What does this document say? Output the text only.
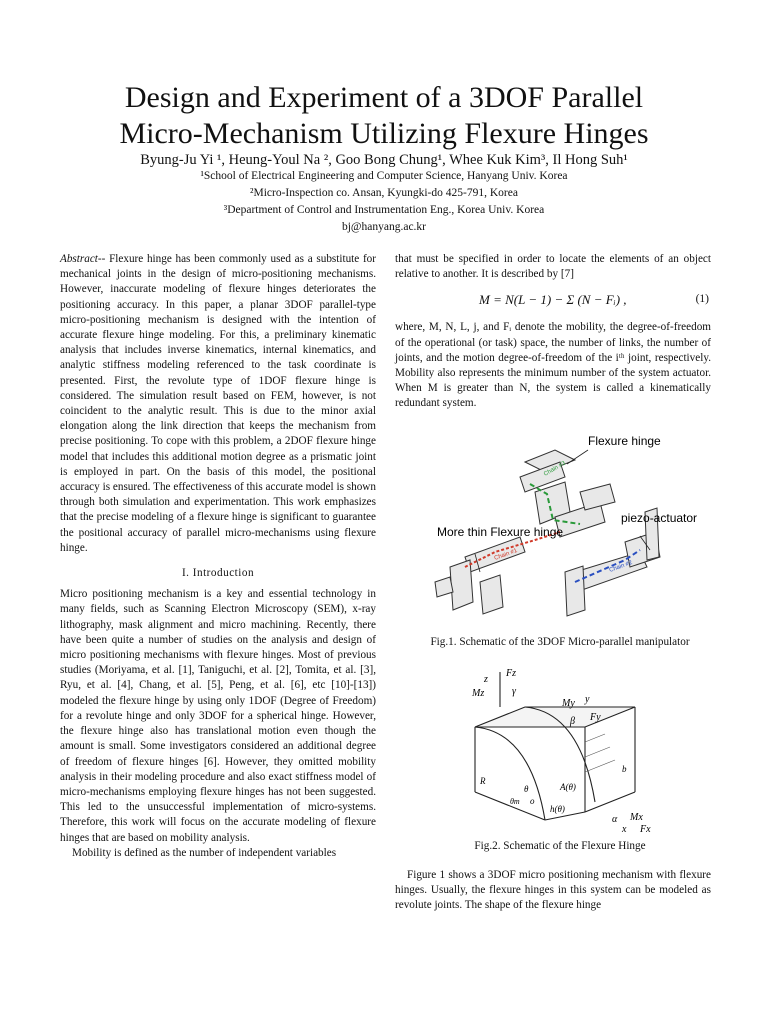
Design and Experiment of a 3DOF Parallel
Micro-Mechanism Utilizing Flexure Hinges
Byung-Ju Yi ¹, Heung-Youl Na ², Goo Bong Chung¹, Whee Kuk Kim³, Il Hong Suh¹
¹School of Electrical Engineering and Computer Science, Hanyang Univ. Korea
²Micro-Inspection co. Ansan, Kyungki-do 425-791, Korea
³Department of Control and Instrumentation Eng., Korea Univ. Korea
bj@hanyang.ac.kr

Abstract-- Flexure hinge has been commonly used as a substitute for mechanical joints in the design of micro-positioning mechanisms. However, inaccurate modeling of flexure hinges deteriorates the positioning accuracy. In this paper, a planar 3DOF parallel-type micro-positioning mechanism is designed with the intention of accurate flexure hinge modeling. For this, a preliminary kinematic analysis that includes inverse kinematics, internal kinematics, and analytic stiffness modeling referenced to the task coordinate is presented. First, the revolute type of 1DOF flexure hinge is considered. The simulation result based on FEM, however, is not coincident to the analytic result. This is due to the minor axial elongation along the link direction that keeps the mechanism from precise positioning. To cope with this problem, a 2DOF flexure hinge model that includes this additional motion degree as a prismatic joint is employed in part. On the basis of this model, the positional accuracy is ensured. The effectiveness of this accurate model is shown through both simulation and experimentation. This work emphasizes that the precise modeling of a flexure hinge is significant to guarantee the positional accuracy of parallel micro-mechanisms using flexure hinge.

I. Introduction

Micro positioning mechanism is a key and essential technology in many fields, such as Scanning Electron Microscopy (SEM), x-ray lithography, mask alignment and micro machining. Recently, there have been quite a number of studies on the analysis and design of micro positioning mechanisms with flexure hinges. Most of previous studies (Moriyama, et al. [1], Taniguchi, et al. [2], Tomita, et al. [3], Ryu, et al. [4], Chang, et al. [5], Peng, et al. [6], etc [10]-[13]) modeled the flexure hinge by using only 1DOF (Degree of Freedom) for a revolute hinge and only 3DOF for a spherical hinge. However, the flexure hinge also has translational motion even though the amount is small. Some investigators considered an additional degree of freedom of flexure hinges [6]. However, they omitted mobility analysis in their modeling procedure and also exact stiffness model of micro-mechanisms employing flexure hinges has not been suggested. This led to the unsuccessful implementation of micro-systems. Therefore, this work will focus on the accurate modeling of flexure hinges that are based on mobility analysis.

Mobility is defined as the number of independent variables

that must be specified in order to locate the elements of an object relative to another. It is described by [7]

M = N(L − 1) − Σ (N − Fᵢ) ,	(1)

where, M, N, L, j, and Fᵢ denote the mobility, the degree-of-freedom of the operational (or task) space, the number of links, the number of joints, and the motion degree-of-freedom of the iᵗʰ joint, respectively. Mobility also represents the minimum number of the system actuator. When M is greater than N, the system is called a kinematically redundant system.

Chain #3
Chain #1
Chain #2
Flexure hinge
piezo-actuator
More thin Flexure hinge
Fig.1. Schematic of the 3DOF Micro-parallel manipulator
z
Fz
Mz	γ
My y
Fy
β
R
θ
θm
A(θ)
h(θ)
o
b
α Mx
x Fx
Fig.2. Schematic of the Flexure Hinge

Figure 1 shows a 3DOF micro positioning mechanism with flexure hinges. Usually, the flexure hinges in this system can be modeled as revolute joints. The shape of the flexure hinge
